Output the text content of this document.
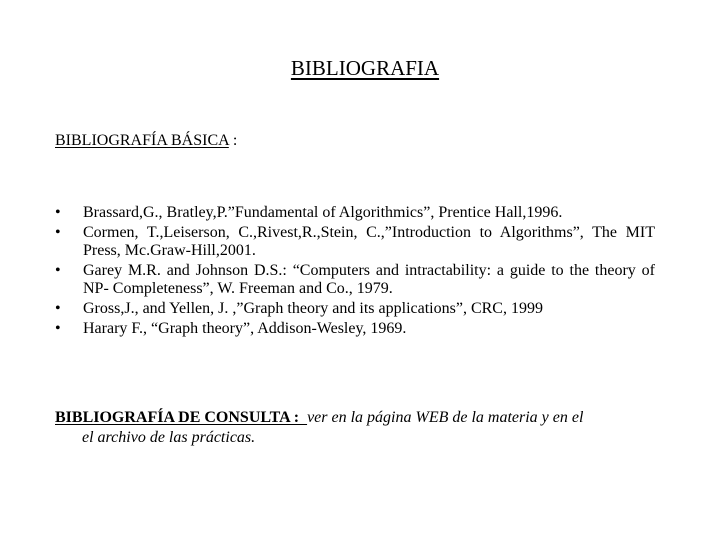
BIBLIOGRAFIA
BIBLIOGRAFÍA BÁSICA :
• Brassard,G., Bratley,P.”Fundamental of Algorithmics”, Prentice Hall,1996.
• Cormen, T.,Leiserson, C.,Rivest,R.,Stein, C.,”Introduction to Algorithms”, The MIT Press, Mc.Graw-Hill,2001.
• Garey M.R. and Johnson D.S.: “Computers and intractability: a guide to the theory of NP- Completeness”, W. Freeman and Co., 1979.
• Gross,J., and Yellen, J. ,”Graph theory and its applications”, CRC, 1999
• Harary F., “Graph theory”, Addison-Wesley, 1969.
BIBLIOGRAFÍA DE CONSULTA :  ver en la página WEB de la materia y en el
el archivo de las prácticas.
